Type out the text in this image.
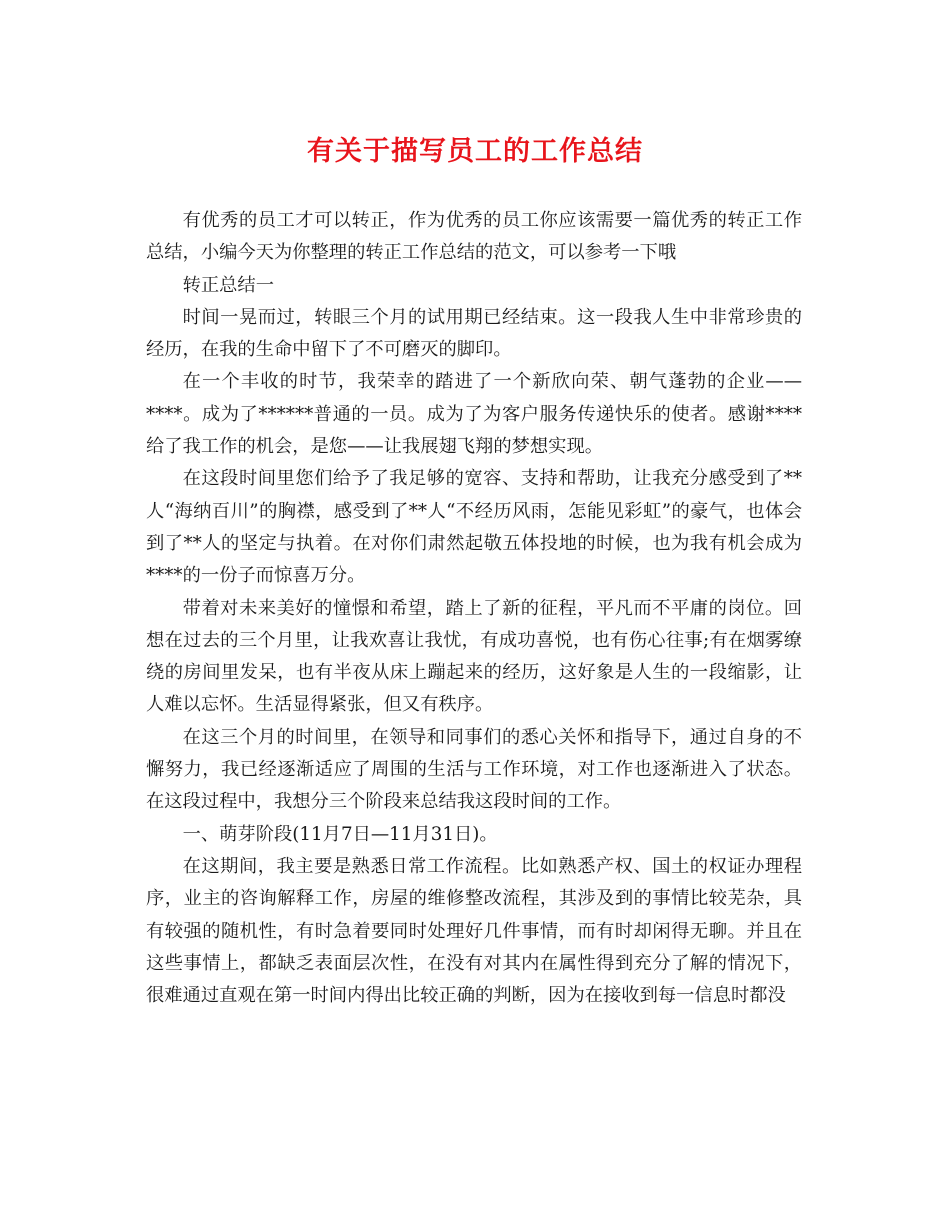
有关于描写员工的工作总结

有优秀的员工才可以转正，作为优秀的员工你应该需要一篇优秀的转正工作总结，小编今天为你整理的转正工作总结的范文，可以参考一下哦

转正总结一

时间一晃而过，转眼三个月的试用期已经结束。这一段我人生中非常珍贵的经历，在我的生命中留下了不可磨灭的脚印。

在一个丰收的时节，我荣幸的踏进了一个新欣向荣、朝气蓬勃的企业——****。成为了******普通的一员。成为了为客户服务传递快乐的使者。感谢****给了我工作的机会，是您——让我展翅飞翔的梦想实现。

在这段时间里您们给予了我足够的宽容、支持和帮助，让我充分感受到了**人“海纳百川”的胸襟，感受到了**人“不经历风雨，怎能见彩虹”的豪气，也体会到了**人的坚定与执着。在对你们肃然起敬五体投地的时候，也为我有机会成为****的一份子而惊喜万分。

带着对未来美好的憧憬和希望，踏上了新的征程，平凡而不平庸的岗位。回想在过去的三个月里，让我欢喜让我忧，有成功喜悦，也有伤心往事;有在烟雾缭绕的房间里发呆，也有半夜从床上蹦起来的经历，这好象是人生的一段缩影，让人难以忘怀。生活显得紧张，但又有秩序。

在这三个月的时间里，在领导和同事们的悉心关怀和指导下，通过自身的不懈努力，我已经逐渐适应了周围的生活与工作环境，对工作也逐渐进入了状态。在这段过程中，我想分三个阶段来总结我这段时间的工作。

一、萌芽阶段(11月7日—11月31日)。

在这期间，我主要是熟悉日常工作流程。比如熟悉产权、国土的权证办理程序，业主的咨询解释工作，房屋的维修整改流程，其涉及到的事情比较芜杂，具有较强的随机性，有时急着要同时处理好几件事情，而有时却闲得无聊。并且在这些事情上，都缺乏表面层次性，在没有对其内在属性得到充分了解的情况下，很难通过直观在第一时间内得出比较正确的判断，因为在接收到每一信息时都没
